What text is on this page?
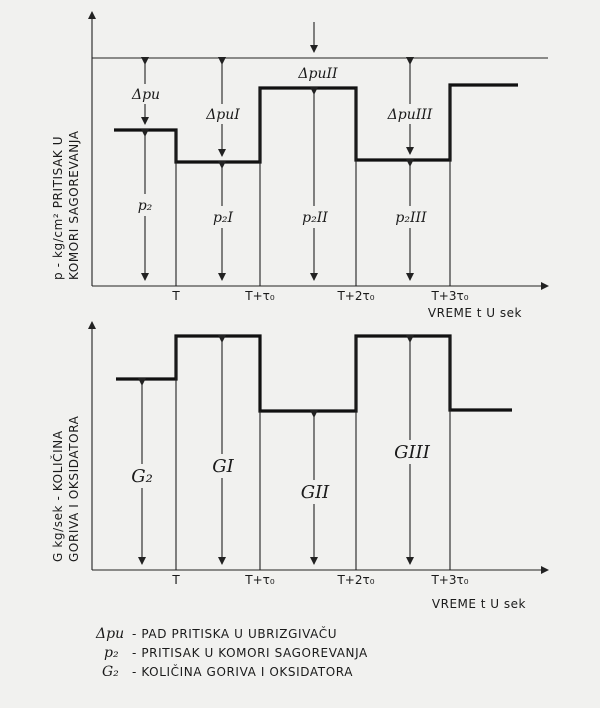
Δpu
ΔpuI
ΔpuII
ΔpuIII
p₂
p₂I	p₂II	p₂III
T	T+τ₀	T+2τ₀	T+3τ₀
VREME t U sek
p - kg/cm² PRITISAK U KOMORI SAGOREVANJA
G₂	GI
GII
GIII
T	T+τ₀	T+2τ₀	T+3τ₀
VREME t U sek
G kg/sek - KOLIČINA GORIVA I OKSIDATORA
Δpu - PAD PRITISKA U UBRIZGIVAČU
p₂ - PRITISAK U KOMORI SAGOREVANJA
G₂ - KOLIČINA GORIVA I OKSIDATORA
